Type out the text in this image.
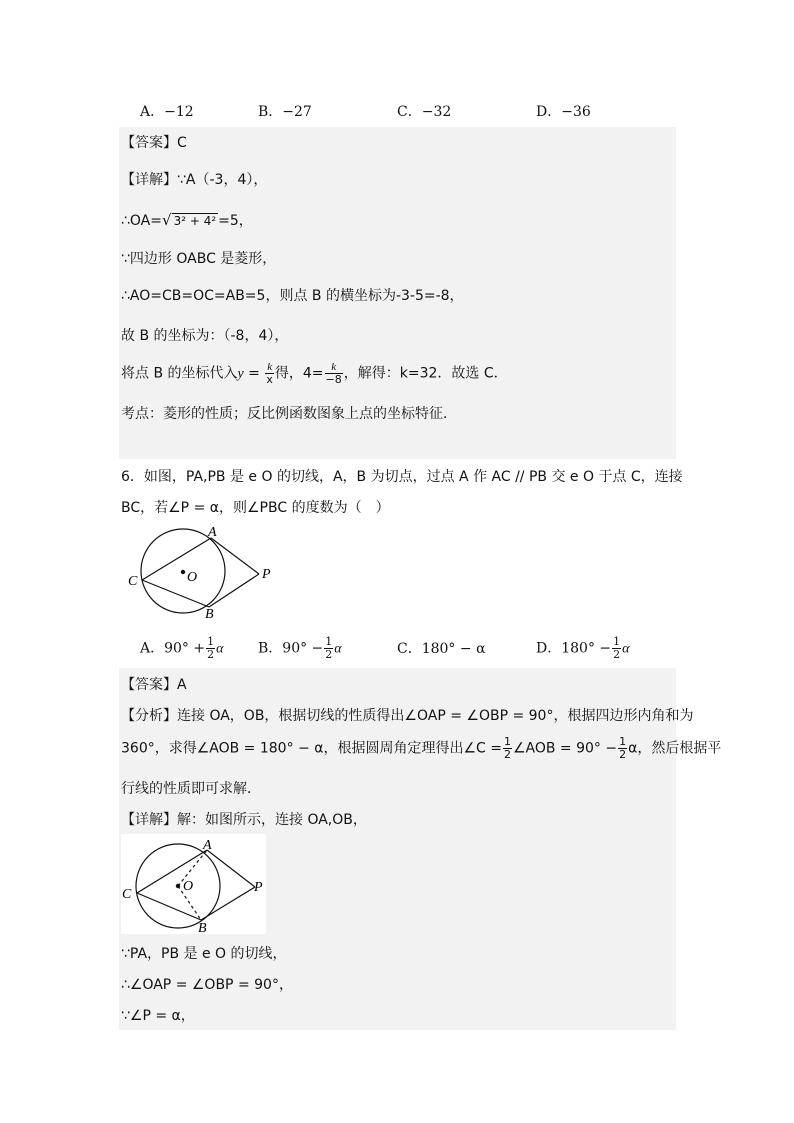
A．−12	B．−27	C．−32	D．−36
【答案】C
【详解】∵A（-3，4），
∴OA=√ 3² + 4² =5，
∵四边形 OABC 是菱形，
∴AO=CB=OC=AB=5，则点 B 的横坐标为-3-5=-8，
故 B 的坐标为：（-8，4），
将点 B 的坐标代入$y = \frac{k}{x}$ 得，$4= \frac{k}{-8}$ ，解得：k=32．故选 C．
考点：菱形的性质；反比例函数图象上点的坐标特征．
6．如图，PA,PB 是 e O 的切线，A，B 为切点，过点 A 作 AC // PB 交 e O 于点 C，连接
BC，若∠P = α，则∠PBC 的度数为（　）
A
B
C	O	P
A．$90^\circ + \frac{1}{2}$ α B．$90^\circ - \frac{1}{2}$ α	C．180° − α	D．$180^\circ - \frac{1}{2}$ α
【答案】A
【分析】连接 OA，OB，根据切线的性质得出∠OAP = ∠OBP = 90°，根据四边形内角和为
360°，求得∠AOB = 180° − α，根据圆周角定理得出∠C = $\frac{1}{2}$ ∠AOB = $90^\circ - \frac{1}{2}$ α，然后根据平
行线的性质即可求解．
【详解】解：如图所示，连接 OA,OB，
A
B
C
O	P
∵PA，PB 是 e O 的切线，
∴∠OAP = ∠OBP = 90°，
∵∠P = α，
